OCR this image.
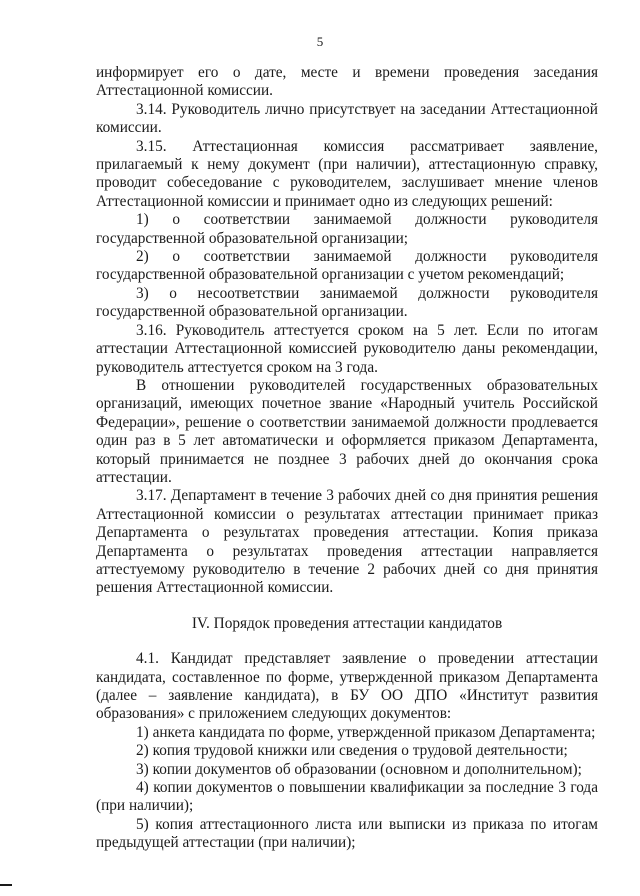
5

информирует его о дате, месте и времени проведения заседания Аттестационной комиссии.

3.14. Руководитель лично присутствует на заседании Аттестационной комиссии.

3.15. Аттестационная комиссия рассматривает заявление, прилагаемый к нему документ (при наличии), аттестационную справку, проводит собеседование с руководителем, заслушивает мнение членов Аттестационной комиссии и принимает одно из следующих решений:

1) о соответствии занимаемой должности руководителя государственной образовательной организации;

2) о соответствии занимаемой должности руководителя государственной образовательной организации с учетом рекомендаций;

3) о несоответствии занимаемой должности руководителя государственной образовательной организации.

3.16. Руководитель аттестуется сроком на 5 лет. Если по итогам аттестации Аттестационной комиссией руководителю даны рекомендации, руководитель аттестуется сроком на 3 года.

В отношении руководителей государственных образовательных организаций, имеющих почетное звание «Народный учитель Российской Федерации», решение о соответствии занимаемой должности продлевается один раз в 5 лет автоматически и оформляется приказом Департамента, который принимается не позднее 3 рабочих дней до окончания срока аттестации.

3.17. Департамент в течение 3 рабочих дней со дня принятия решения Аттестационной комиссии о результатах аттестации принимает приказ Департамента о результатах проведения аттестации. Копия приказа Департамента о результатах проведения аттестации направляется аттестуемому руководителю в течение 2 рабочих дней со дня принятия решения Аттестационной комиссии.

IV. Порядок проведения аттестации кандидатов

4.1. Кандидат представляет заявление о проведении аттестации кандидата, составленное по форме, утвержденной приказом Департамента (далее – заявление кандидата), в БУ ОО ДПО «Институт развития образования» с приложением следующих документов:

1) анкета кандидата по форме, утвержденной приказом Департамента;

2) копия трудовой книжки или сведения о трудовой деятельности;

3) копии документов об образовании (основном и дополнительном);

4) копии документов о повышении квалификации за последние 3 года (при наличии);

5) копия аттестационного листа или выписки из приказа по итогам предыдущей аттестации (при наличии);
